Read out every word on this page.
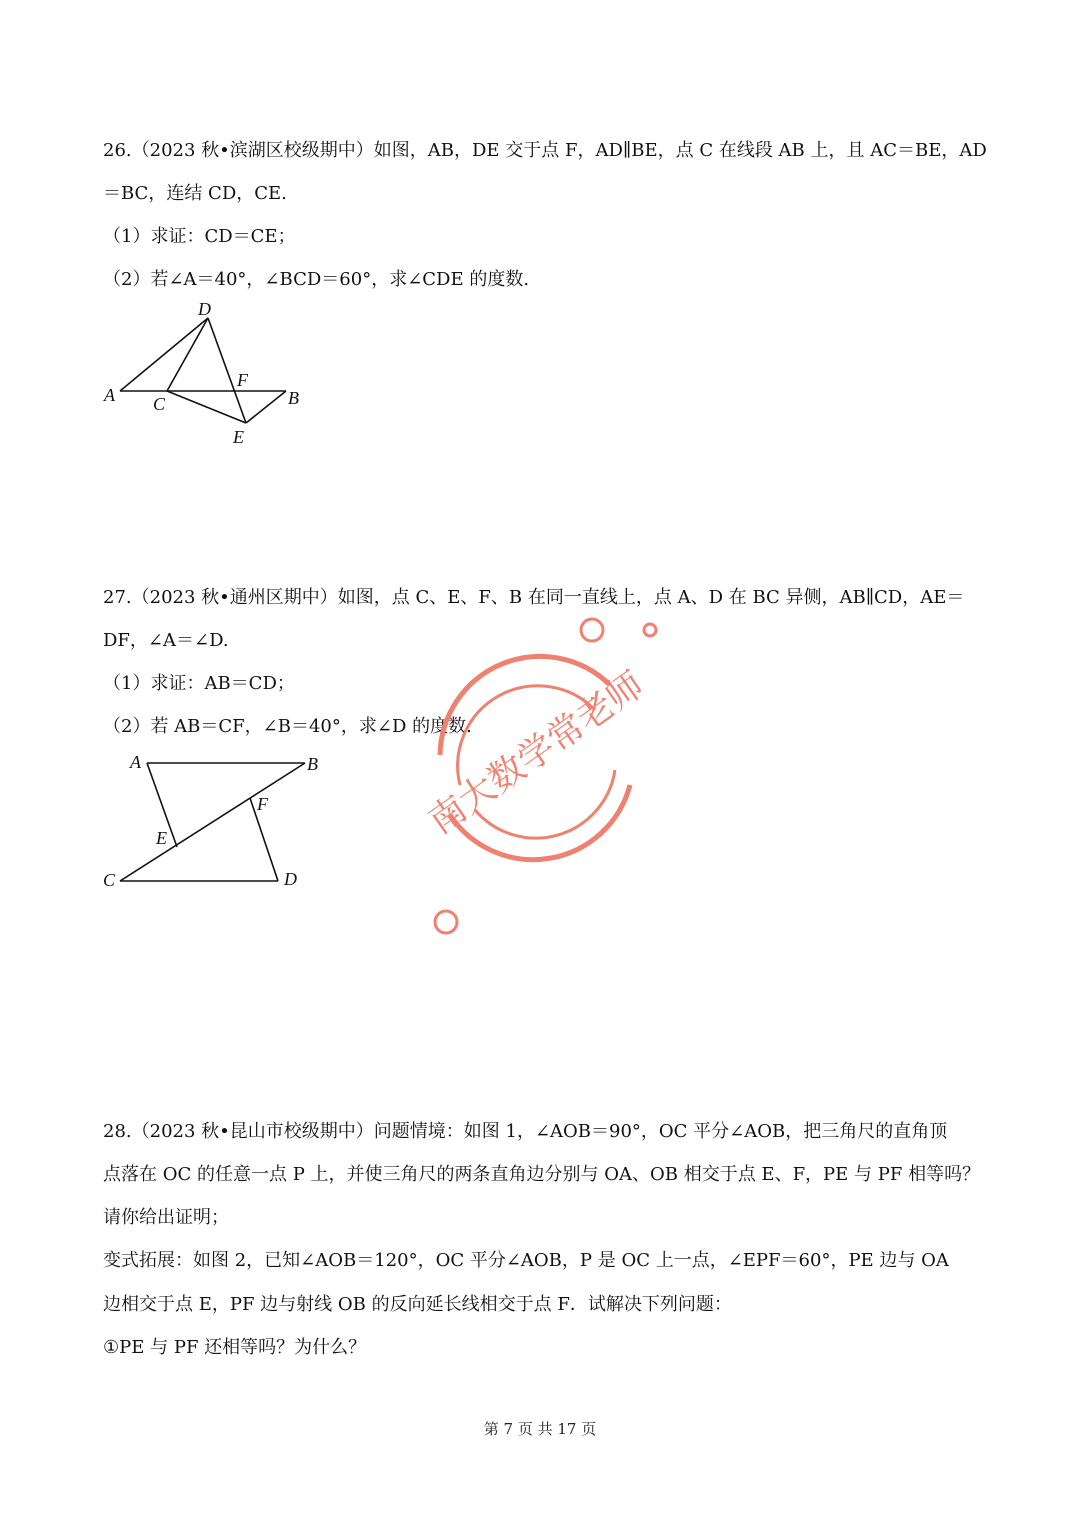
26.（2023 秋•滨湖区校级期中）如图，AB，DE 交于点 F，AD∥BE，点 C 在线段 AB 上，且 AC＝BE，AD
＝BC，连结 CD，CE.
（1）求证：CD＝CE；
（2）若∠A＝40°，∠BCD＝60°，求∠CDE 的度数.
D
A C
F
B
E
27.（2023 秋•通州区期中）如图，点 C、E、F、B 在同一直线上，点 A、D 在 BC 异侧，AB∥CD，AE＝
DF，∠A＝∠D.
（1）求证：AB＝CD；
（2）若 AB＝CF，∠B＝40°，求∠D 的度数.
A	B
F
E
C	D
28.（2023 秋•昆山市校级期中）问题情境：如图 1，∠AOB＝90°，OC 平分∠AOB，把三角尺的直角顶
点落在 OC 的任意一点 P 上，并使三角尺的两条直角边分别与 OA、OB 相交于点 E、F，PE 与 PF 相等吗？
请你给出证明；
变式拓展：如图 2，已知∠AOB＝120°，OC 平分∠AOB，P 是 OC 上一点，∠EPF＝60°，PE 边与 OA
边相交于点 E，PF 边与射线 OB 的反向延长线相交于点 F．试解决下列问题：
①PE 与 PF 还相等吗？为什么？
南大数学常老师
第 7 页 共 17 页
